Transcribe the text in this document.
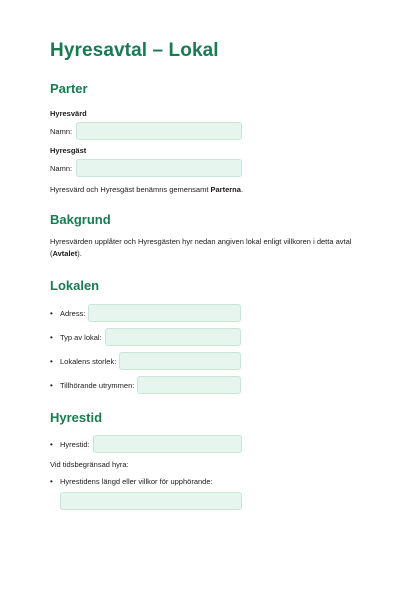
Hyresavtal – Lokal
Parter
Hyresvärd
Namn:
Hyresgäst
Namn:
Hyresvärd och Hyresgäst benämns gemensamt Parterna.
Bakgrund
Hyresvärden upplåter och Hyresgästen hyr nedan angiven lokal enligt villkoren i detta avtal
(Avtalet).
Lokalen
• Adress:
• Typ av lokal:
• Lokalens storlek:
• Tillhörande utrymmen:
Hyrestid
• Hyrestid:
Vid tidsbegränsad hyra:
• Hyrestidens längd eller villkor för upphörande:
